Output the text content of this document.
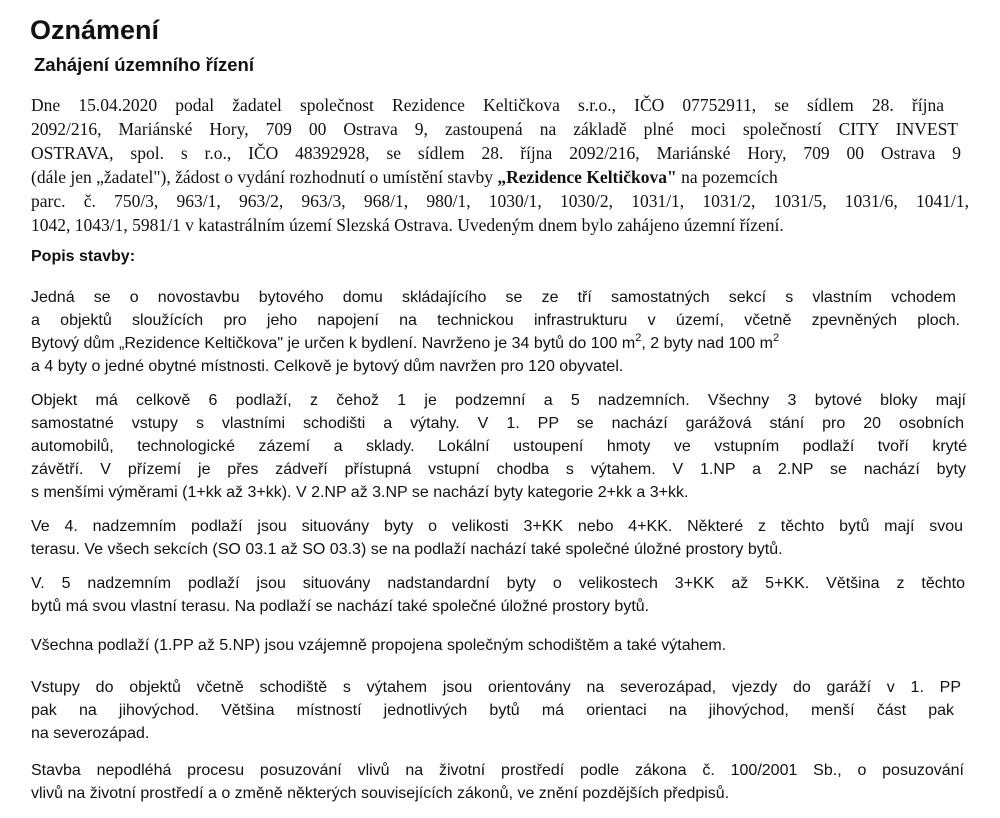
Oznámení
Zahájení územního řízení
Dne 15.04.2020 podal žadatel společnost Rezidence Keltičkova s.r.o., IČO 07752911, se sídlem 28. října
2092/216, Mariánské Hory, 709 00 Ostrava 9, zastoupená na základě plné moci společností CITY INVEST
OSTRAVA, spol. s r.o., IČO 48392928, se sídlem 28. října 2092/216, Mariánské Hory, 709 00 Ostrava 9
(dále jen „žadatel"), žádost o vydání rozhodnutí o umístění stavby „Rezidence Keltičkova" na pozemcích
parc. č. 750/3, 963/1, 963/2, 963/3, 968/1, 980/1, 1030/1, 1030/2, 1031/1, 1031/2, 1031/5, 1031/6, 1041/1,
1042, 1043/1, 5981/1 v katastrálním území Slezská Ostrava. Uvedeným dnem bylo zahájeno územní řízení.
Popis stavby:
Jedná se o novostavbu bytového domu skládajícího se ze tří samostatných sekcí s vlastním vchodem
a objektů sloužících pro jeho napojení na technickou infrastrukturu v území, včetně zpevněných ploch.
Bytový dům „Rezidence Keltičkova" je určen k bydlení. Navrženo je 34 bytů do 100 $m^2$, 2 byty nad 100 $m^2$
a 4 byty o jedné obytné místnosti. Celkově je bytový dům navržen pro 120 obyvatel.
Objekt má celkově 6 podlaží, z čehož 1 je podzemní a 5 nadzemních. Všechny 3 bytové bloky mají
samostatné vstupy s vlastními schodišti a výtahy. V 1. PP se nachází garážová stání pro 20 osobních
automobilů, technologické zázemí a sklady. Lokální ustoupení hmoty ve vstupním podlaží tvoří kryté
závětří. V přízemí je přes zádveří přístupná vstupní chodba s výtahem. V 1.NP a 2.NP se nachází byty
s menšími výměrami (1+kk až 3+kk). V 2.NP až 3.NP se nachází byty kategorie 2+kk a 3+kk.
Ve 4. nadzemním podlaží jsou situovány byty o velikosti 3+KK nebo 4+KK. Některé z těchto bytů mají svou
terasu. Ve všech sekcích (SO 03.1 až SO 03.3) se na podlaží nachází také společné úložné prostory bytů.
V. 5 nadzemním podlaží jsou situovány nadstandardní byty o velikostech 3+KK až 5+KK. Většina z těchto
bytů má svou vlastní terasu. Na podlaží se nachází také společné úložné prostory bytů.
Všechna podlaží (1.PP až 5.NP) jsou vzájemně propojena společným schodištěm a také výtahem.
Vstupy do objektů včetně schodiště s výtahem jsou orientovány na severozápad, vjezdy do garáží v 1. PP
pak na jihovýchod. Většina místností jednotlivých bytů má orientaci na jihovýchod, menší část pak
na severozápad.
Stavba nepodléhá procesu posuzování vlivů na životní prostředí podle zákona č. 100/2001 Sb., o posuzování
vlivů na životní prostředí a o změně některých souvisejících zákonů, ve znění pozdějších předpisů.
